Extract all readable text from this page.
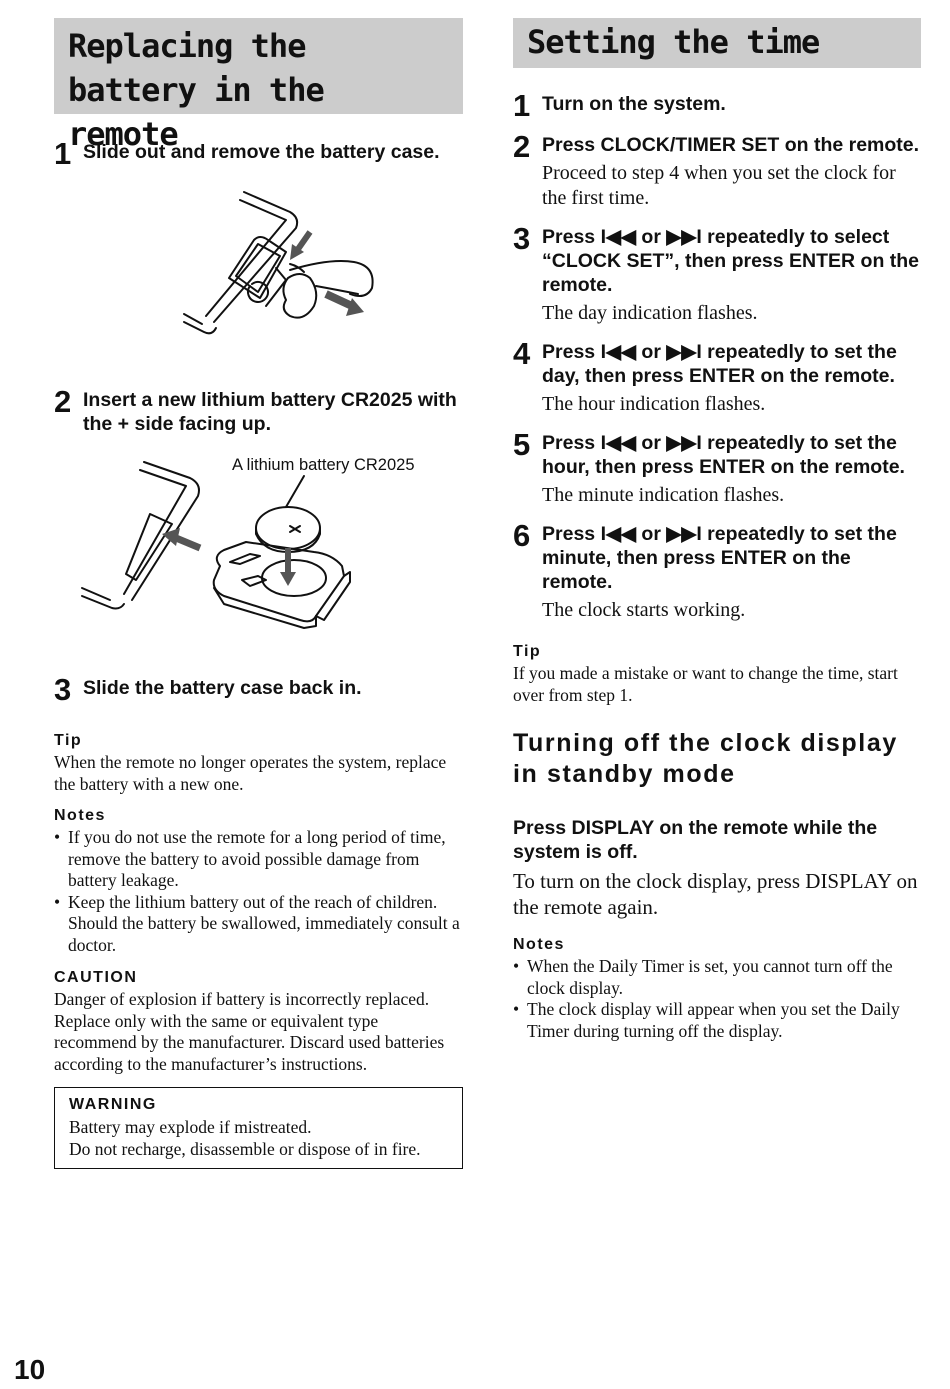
Replacing the battery in the remote
1 Slide out and remove the battery case.
2 Insert a new lithium battery CR2025 with the + side facing up.
A lithium battery CR2025
3 Slide the battery case back in.

Tip

When the remote no longer operates the system, replace the battery with a new one.

Notes

• If you do not use the remote for a long period of time, remove the battery to avoid possible damage from battery leakage.
• Keep the lithium battery out of the reach of children. Should the battery be swallowed, immediately consult a doctor.

CAUTION

Danger of explosion if battery is incorrectly replaced. Replace only with the same or equivalent type recommend by the manufacturer. Discard used batteries according to the manufacturer’s instructions.

WARNING

Battery may explode if mistreated.

Do not recharge, disassemble or dispose of in fire.

Setting the time
1 Turn on the system.
2 Press CLOCK/TIMER SET on the remote.

Proceed to step 4 when you set the clock for the first time.

3 Press I◀◀ or ▶▶I repeatedly to select “CLOCK SET”, then press ENTER on the remote.

The day indication flashes.

4 Press I◀◀ or ▶▶I repeatedly to set the day, then press ENTER on the remote.

The hour indication flashes.

5 Press I◀◀ or ▶▶I repeatedly to set the hour, then press ENTER on the remote.

The minute indication flashes.

6 Press I◀◀ or ▶▶I repeatedly to set the minute, then press ENTER on the remote.

The clock starts working.

Tip

If you made a mistake or want to change the time, start over from step 1.

Turning off the clock display in standby mode

Press DISPLAY on the remote while the system is off.

To turn on the clock display, press DISPLAY on the remote again.

Notes

• When the Daily Timer is set, you cannot turn off the clock display.
• The clock display will appear when you set the Daily Timer during turning off the display.
10
